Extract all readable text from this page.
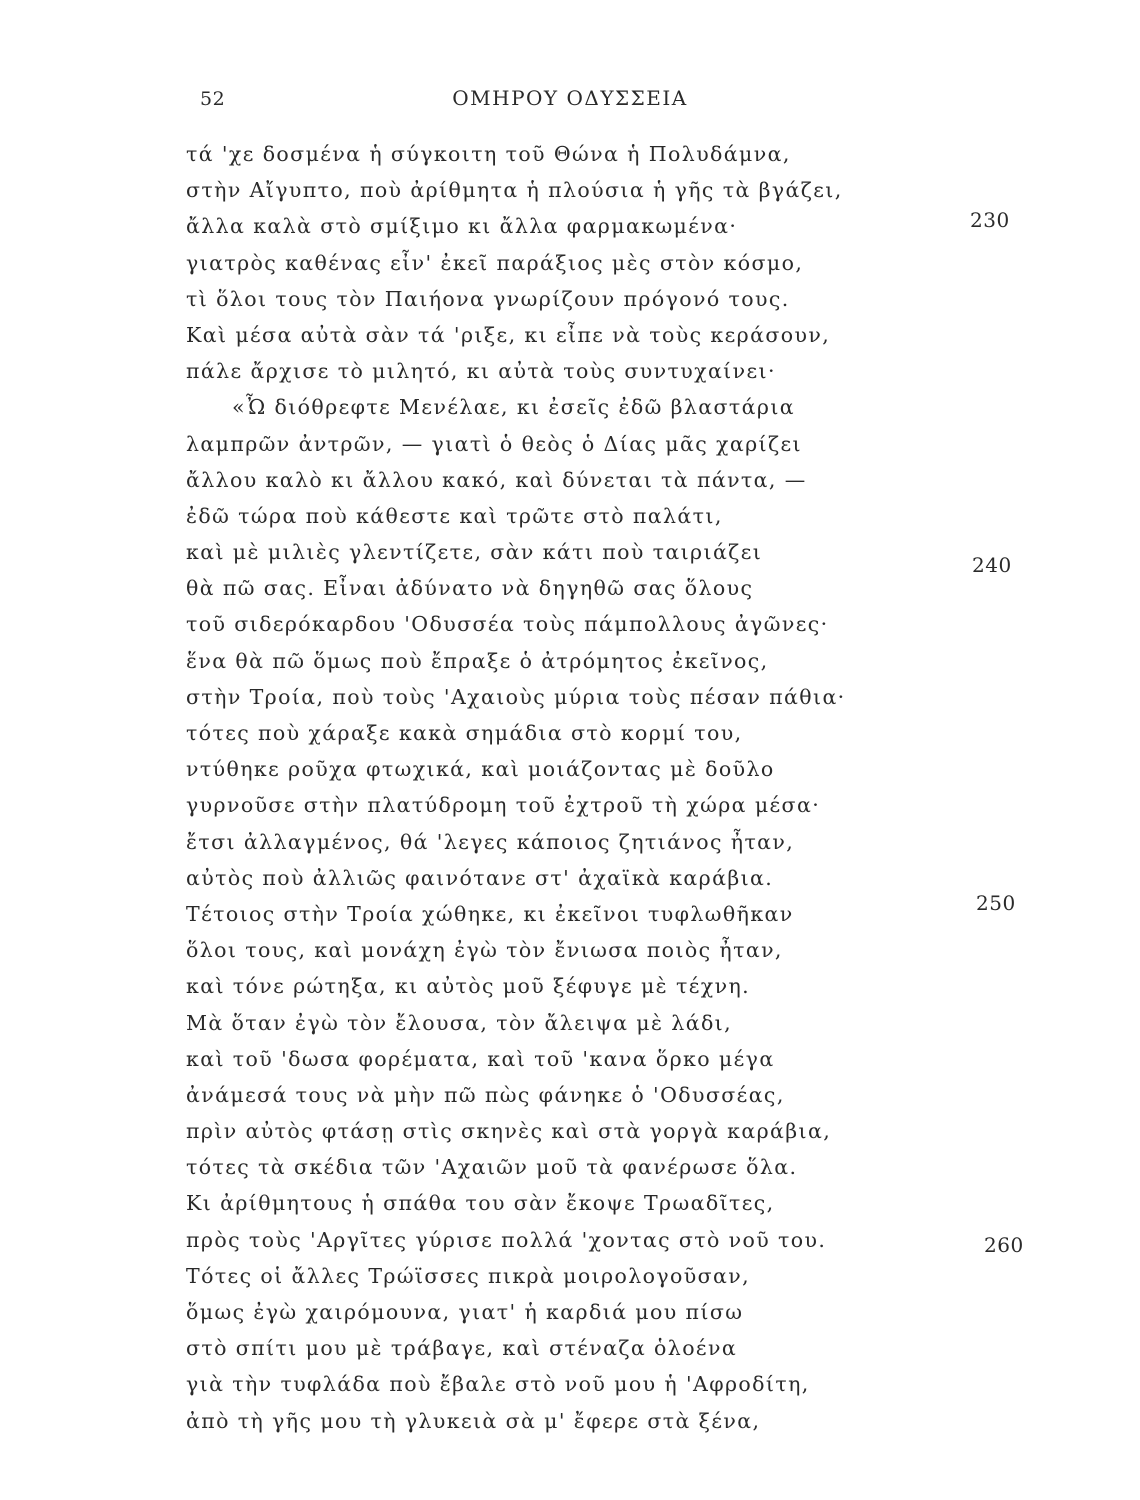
52	ΟΜΗΡΟΥ ΟΔΥΣΣΕΙΑ
τά 'χε δοσμένα ἡ σύγκοιτη τοῦ Θώνα ἡ Πολυδάμνα,
στὴν Αἴγυπτο, ποὺ ἀρίθμητα ἡ πλούσια ἡ γῆς τὰ βγάζει,
ἄλλα καλὰ στὸ σμίξιμο κι ἄλλα φαρμακωμένα·
γιατρὸς καθένας εἶν' ἐκεῖ παράξιος μὲς στὸν κόσμο,
τὶ ὅλοι τους τὸν Παιήονα γνωρίζουν πρόγονό τους.
Καὶ μέσα αὐτὰ σὰν τά 'ριξε, κι εἶπε νὰ τοὺς κεράσουν,
πάλε ἄρχισε τὸ μιλητό, κι αὐτὰ τοὺς συντυχαίνει·
«Ὦ διόθρεφτε Μενέλαε, κι ἐσεῖς ἐδῶ βλαστάρια
λαμπρῶν ἀντρῶν, — γιατὶ ὁ θεὸς ὁ Δίας μᾶς χαρίζει
ἄλλου καλὸ κι ἄλλου κακό, καὶ δύνεται τὰ πάντα, —
ἐδῶ τώρα ποὺ κάθεστε καὶ τρῶτε στὸ παλάτι,
καὶ μὲ μιλιὲς γλεντίζετε, σὰν κάτι ποὺ ταιριάζει
θὰ πῶ σας. Εἶναι ἀδύνατο νὰ δηγηθῶ σας ὅλους
τοῦ σιδερόκαρδου 'Οδυσσέα τοὺς πάμπολλους ἀγῶνες·
ἕνα θὰ πῶ ὅμως ποὺ ἔπραξε ὁ ἀτρόμητος ἐκεῖνος,
στὴν Τροία, ποὺ τοὺς 'Αχαιοὺς μύρια τοὺς πέσαν πάθια·
τότες ποὺ χάραξε κακὰ σημάδια στὸ κορμί του,
ντύθηκε ροῦχα φτωχικά, καὶ μοιάζοντας μὲ δοῦλο
γυρνοῦσε στὴν πλατύδρομη τοῦ ἐχτροῦ τὴ χώρα μέσα·
ἔτσι ἀλλαγμένος, θά 'λεγες κάποιος ζητιάνος ἦταν,
αὐτὸς ποὺ ἀλλιῶς φαινότανε στ' ἀχαϊκὰ καράβια.
Τέτοιος στὴν Τροία χώθηκε, κι ἐκεῖνοι τυφλωθῆκαν
ὅλοι τους, καὶ μονάχη ἐγὼ τὸν ἔνιωσα ποιὸς ἦταν,
καὶ τόνε ρώτηξα, κι αὐτὸς μοῦ ξέφυγε μὲ τέχνη.
Μὰ ὅταν ἐγὼ τὸν ἔλουσα, τὸν ἄλειψα μὲ λάδι,
καὶ τοῦ 'δωσα φορέματα, καὶ τοῦ 'κανα ὅρκο μέγα
ἀνάμεσά τους νὰ μὴν πῶ πὼς φάνηκε ὁ 'Οδυσσέας,
πρὶν αὐτὸς φτάσῃ στὶς σκηνὲς καὶ στὰ γοργὰ καράβια,
τότες τὰ σκέδια τῶν 'Αχαιῶν μοῦ τὰ φανέρωσε ὅλα.
Κι ἀρίθμητους ἡ σπάθα του σὰν ἔκοψε Τρωαδῖτες,
πρὸς τοὺς 'Αργῖτες γύρισε πολλά 'χοντας στὸ νοῦ του.
Τότες οἱ ἄλλες Τρώϊσσες πικρὰ μοιρολογοῦσαν,
ὅμως ἐγὼ χαιρόμουνα, γιατ' ἡ καρδιά μου πίσω
στὸ σπίτι μου μὲ τράβαγε, καὶ στέναζα ὁλοένα
γιὰ τὴν τυφλάδα ποὺ ἔβαλε στὸ νοῦ μου ἡ 'Αφροδίτη,
ἀπὸ τὴ γῆς μου τὴ γλυκειὰ σὰ μ' ἔφερε στὰ ξένα,
230
240
250
260
